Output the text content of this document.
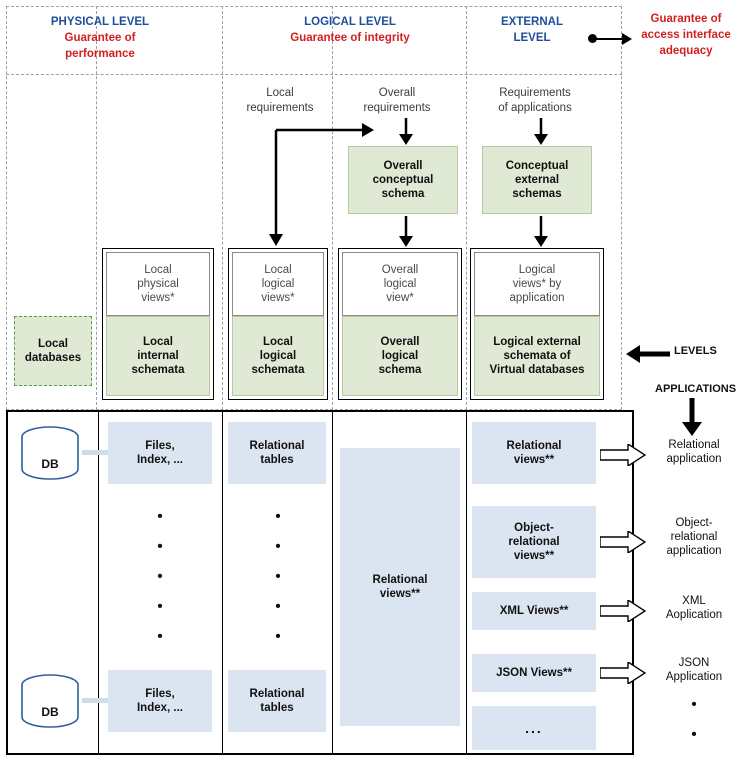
PHYSICAL LEVEL
Guarantee of
performance
LOGICAL LEVEL
Guarantee of integrity
EXTERNAL
LEVEL
Guarantee of
access interface
adequacy
Local
requirements
Overall
requirements
Requirements
of applications
Overall
conceptual
schema
Conceptual
external
schemas
Local
physical
views*
Local
logical
views*
Overall
logical
view*
Logical
views* by
application
Local
databases
Local
internal
schemata
Local
logical
schemata
Overall
logical
schema
Logical external
schemata of
Virtual databases
LEVELS
APPLICATIONS
DB
DB
Files,
Index, ...
Files,
Index, ...
Relational
tables
Relational
tables
•
•
•
•
•
•
•
•
•
•
Relational
views**
Relational
views**
Object-
relational
views**
XML Views**
JSON Views**
...
Relational
application
Object-
relational
application
XML
Aoplication
JSON
Application
•
•
